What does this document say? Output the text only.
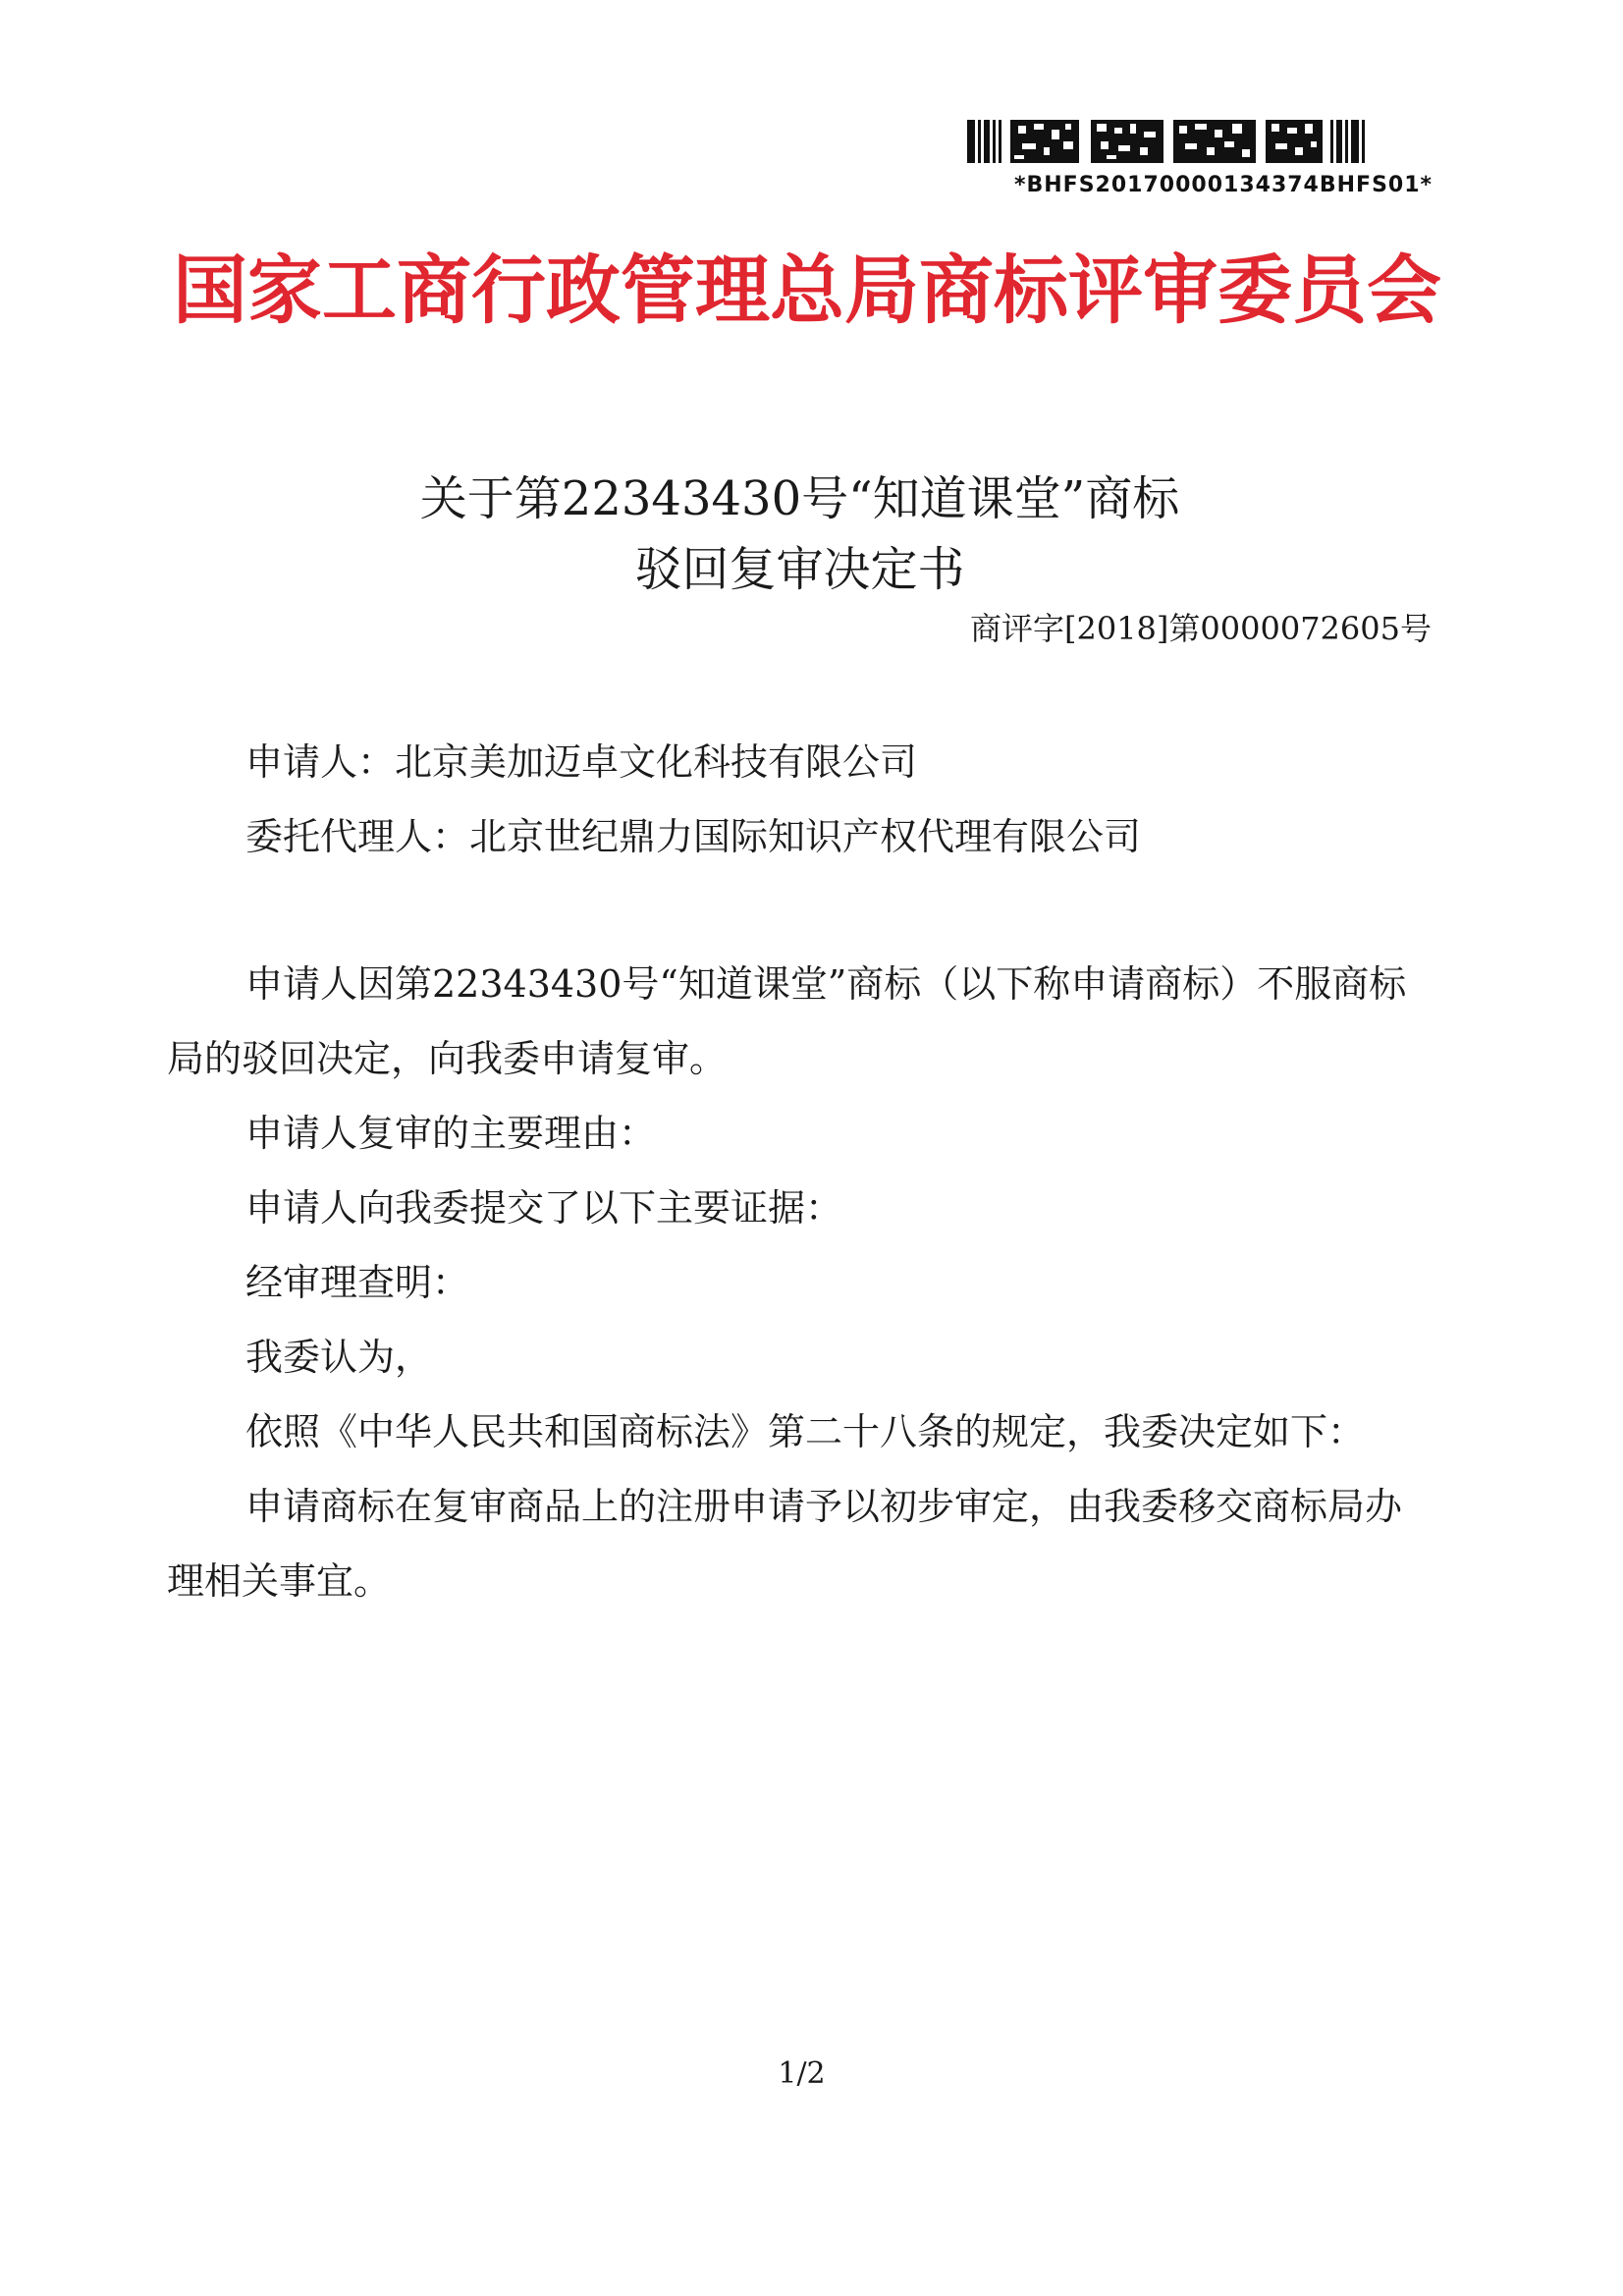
*BHFS20170000134374BHFS01*
国家工商行政管理总局商标评审委员会
关于第22343430号“知道课堂”商标
驳回复审决定书
商评字[2018]第0000072605号
申请人：北京美加迈卓文化科技有限公司
委托代理人：北京世纪鼎力国际知识产权代理有限公司
申请人因第22343430号“知道课堂”商标（以下称申请商标）不服商标
局的驳回决定，向我委申请复审。
申请人复审的主要理由：
申请人向我委提交了以下主要证据：
经审理查明：
我委认为，
依照《中华人民共和国商标法》第二十八条的规定，我委决定如下：
申请商标在复审商品上的注册申请予以初步审定，由我委移交商标局办
理相关事宜。
1/2
